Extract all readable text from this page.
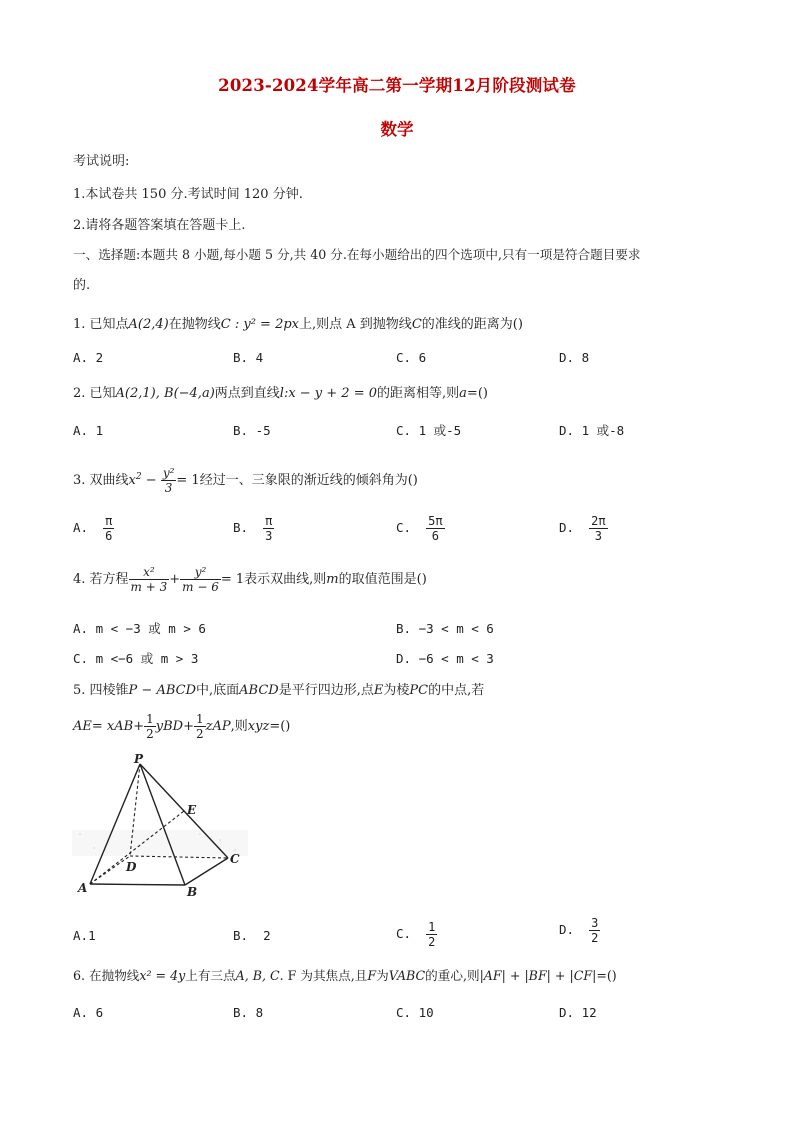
2023-2024学年高二第一学期12月阶段测试卷
数学
考试说明:
1.本试卷共 150 分.考试时间 120 分钟.
2.请将各题答案填在答题卡上.
一、选择题:本题共 8 小题,每小题 5 分,共 40 分.在每小题给出的四个选项中,只有一项是符合题目要求
的.
1. 已知点A(2,4)在抛物线C : y² = 2px上,则点 A 到抛物线C的准线的距离为()
A. 2	B. 4	C. 6	D. 8
2. 已知A(2,1), B(−4,a)两点到直线l:x − y + 2 = 0的距离相等,则a=()
A. 1	B. -5	C. 1 或-5	D. 1 或-8
3. 双曲线$x^2 - \frac{\text{y²}}{3} = 1$经过一、三象限的渐近线的倾斜角为()
A. $\frac{\pi}{6}$	B. $\frac{\pi}{3}$	C. $\frac{5\pi}{6}$	D. $\frac{2\pi}{3}$
4. 若方程 $\frac{\text{x²}}{m + 3} + \frac{\text{y²}}{m - 6} = 1$表示双曲线,则m的取值范围是()
A. m < −3 或 m > 6	B. −3 < m < 6
C. m <−6 或 m > 3	D. −6 < m < 3
5. 四棱锥P − ABCD中,底面ABCD是平行四边形,点E为棱PC的中点,若
$AE= xAB+ \frac{1}{2} yBD+ \frac{1}{2}$ zAP,则xyz=()
P
E
D
C
A	B
A.1	B. 2	C. $\frac{1}{2}$	D. $\frac{3}{2}$
6. 在抛物线x² = 4y上有三点A, B, C. F 为其焦点,且F为VABC的重心,则|AF| + |BF| + |CF|=()
A. 6	B. 8	C. 10	D. 12
